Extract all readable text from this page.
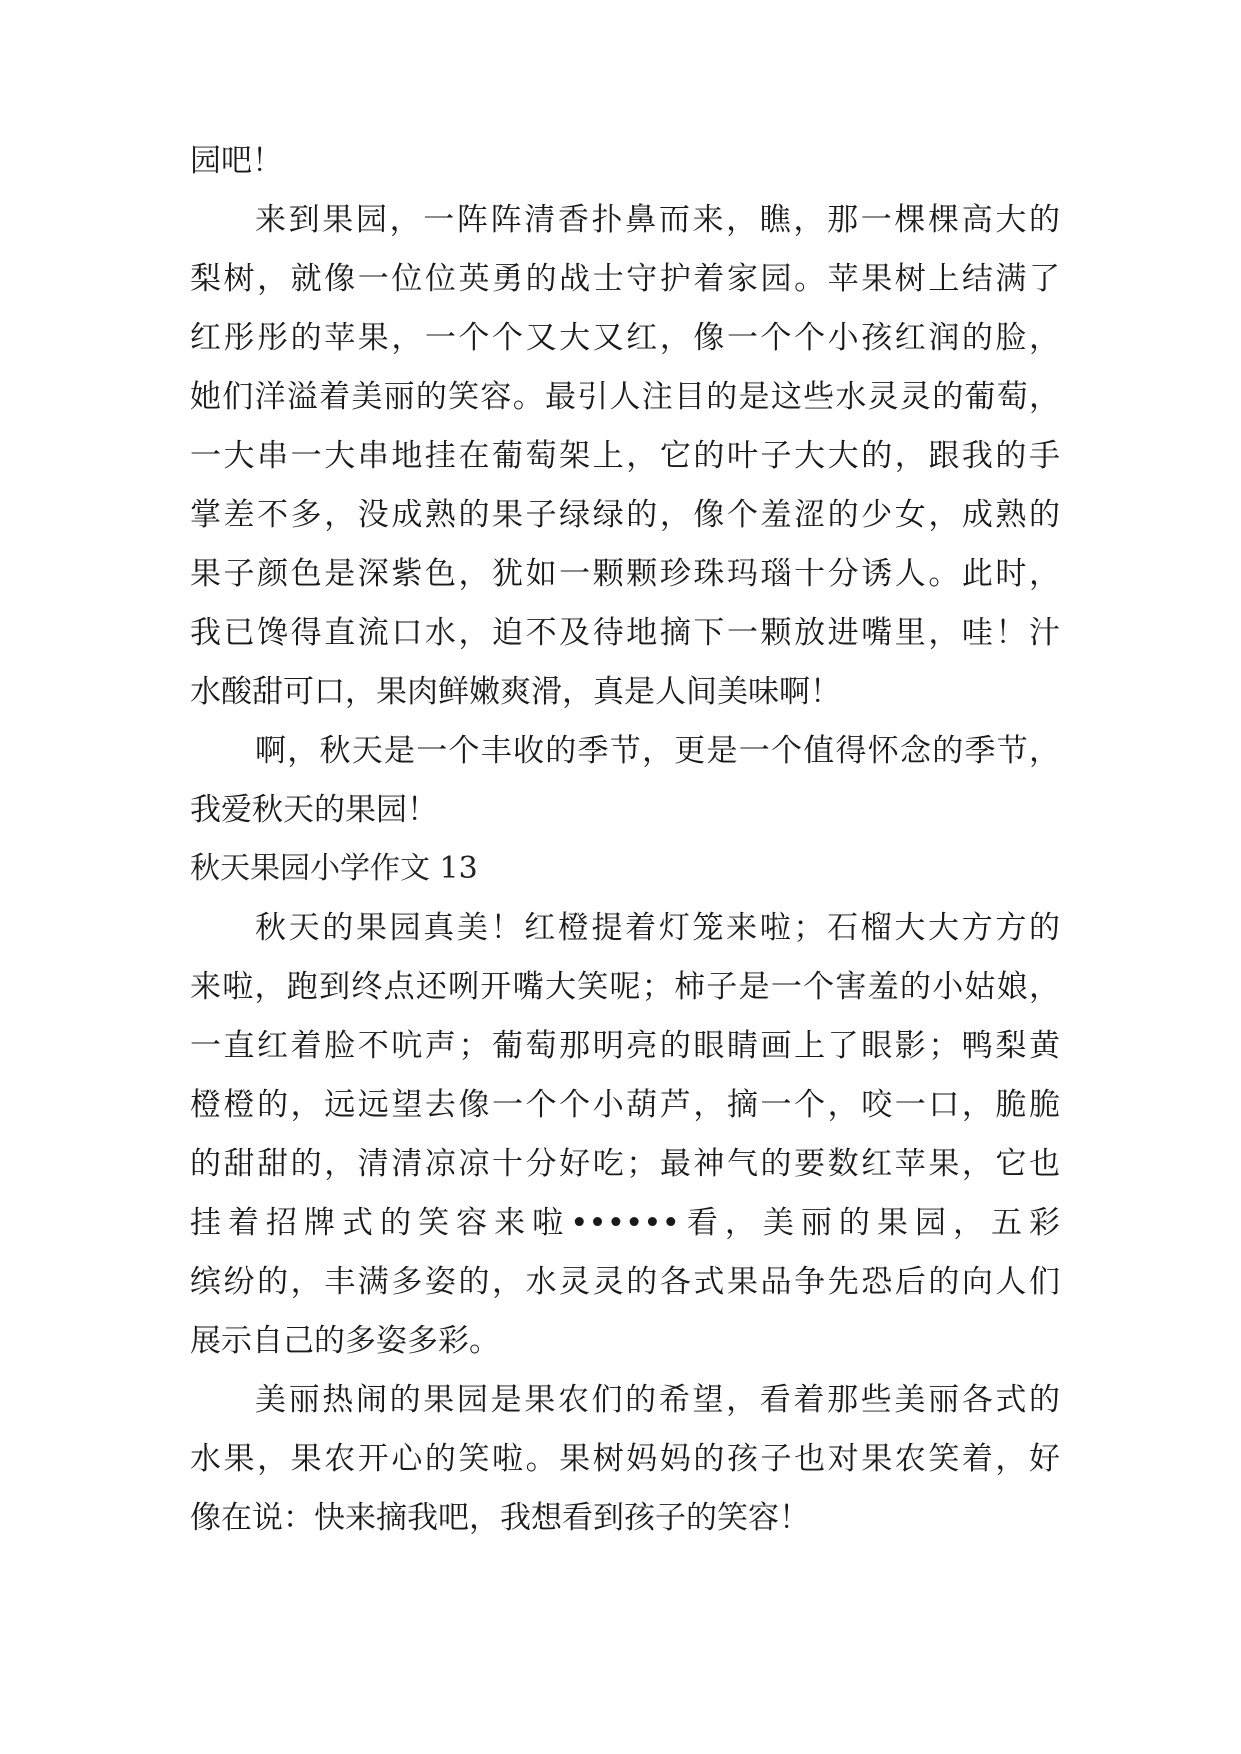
园吧！
来到果园，一阵阵清香扑鼻而来，瞧，那一棵棵高大的
梨树，就像一位位英勇的战士守护着家园。苹果树上结满了
红彤彤的苹果，一个个又大又红，像一个个小孩红润的脸，
她们洋溢着美丽的笑容。最引人注目的是这些水灵灵的葡萄，
一大串一大串地挂在葡萄架上，它的叶子大大的，跟我的手
掌差不多，没成熟的果子绿绿的，像个羞涩的少女，成熟的
果子颜色是深紫色，犹如一颗颗珍珠玛瑙十分诱人。此时，
我已馋得直流口水，迫不及待地摘下一颗放进嘴里，哇！汁
水酸甜可口，果肉鲜嫩爽滑，真是人间美味啊！
啊，秋天是一个丰收的季节，更是一个值得怀念的季节，
我爱秋天的果园！
秋天果园小学作文 13
秋天的果园真美！红橙提着灯笼来啦；石榴大大方方的
来啦，跑到终点还咧开嘴大笑呢；柿子是一个害羞的小姑娘，
一直红着脸不吭声；葡萄那明亮的眼睛画上了眼影；鸭梨黄
橙橙的，远远望去像一个个小葫芦，摘一个，咬一口，脆脆
的甜甜的，清清凉凉十分好吃；最神气的要数红苹果，它也
挂着招牌式的笑容来啦••••••看，美丽的果园，五彩
缤纷的，丰满多姿的，水灵灵的各式果品争先恐后的向人们
展示自己的多姿多彩。
美丽热闹的果园是果农们的希望，看着那些美丽各式的
水果，果农开心的笑啦。果树妈妈的孩子也对果农笑着，好
像在说：快来摘我吧，我想看到孩子的笑容！
